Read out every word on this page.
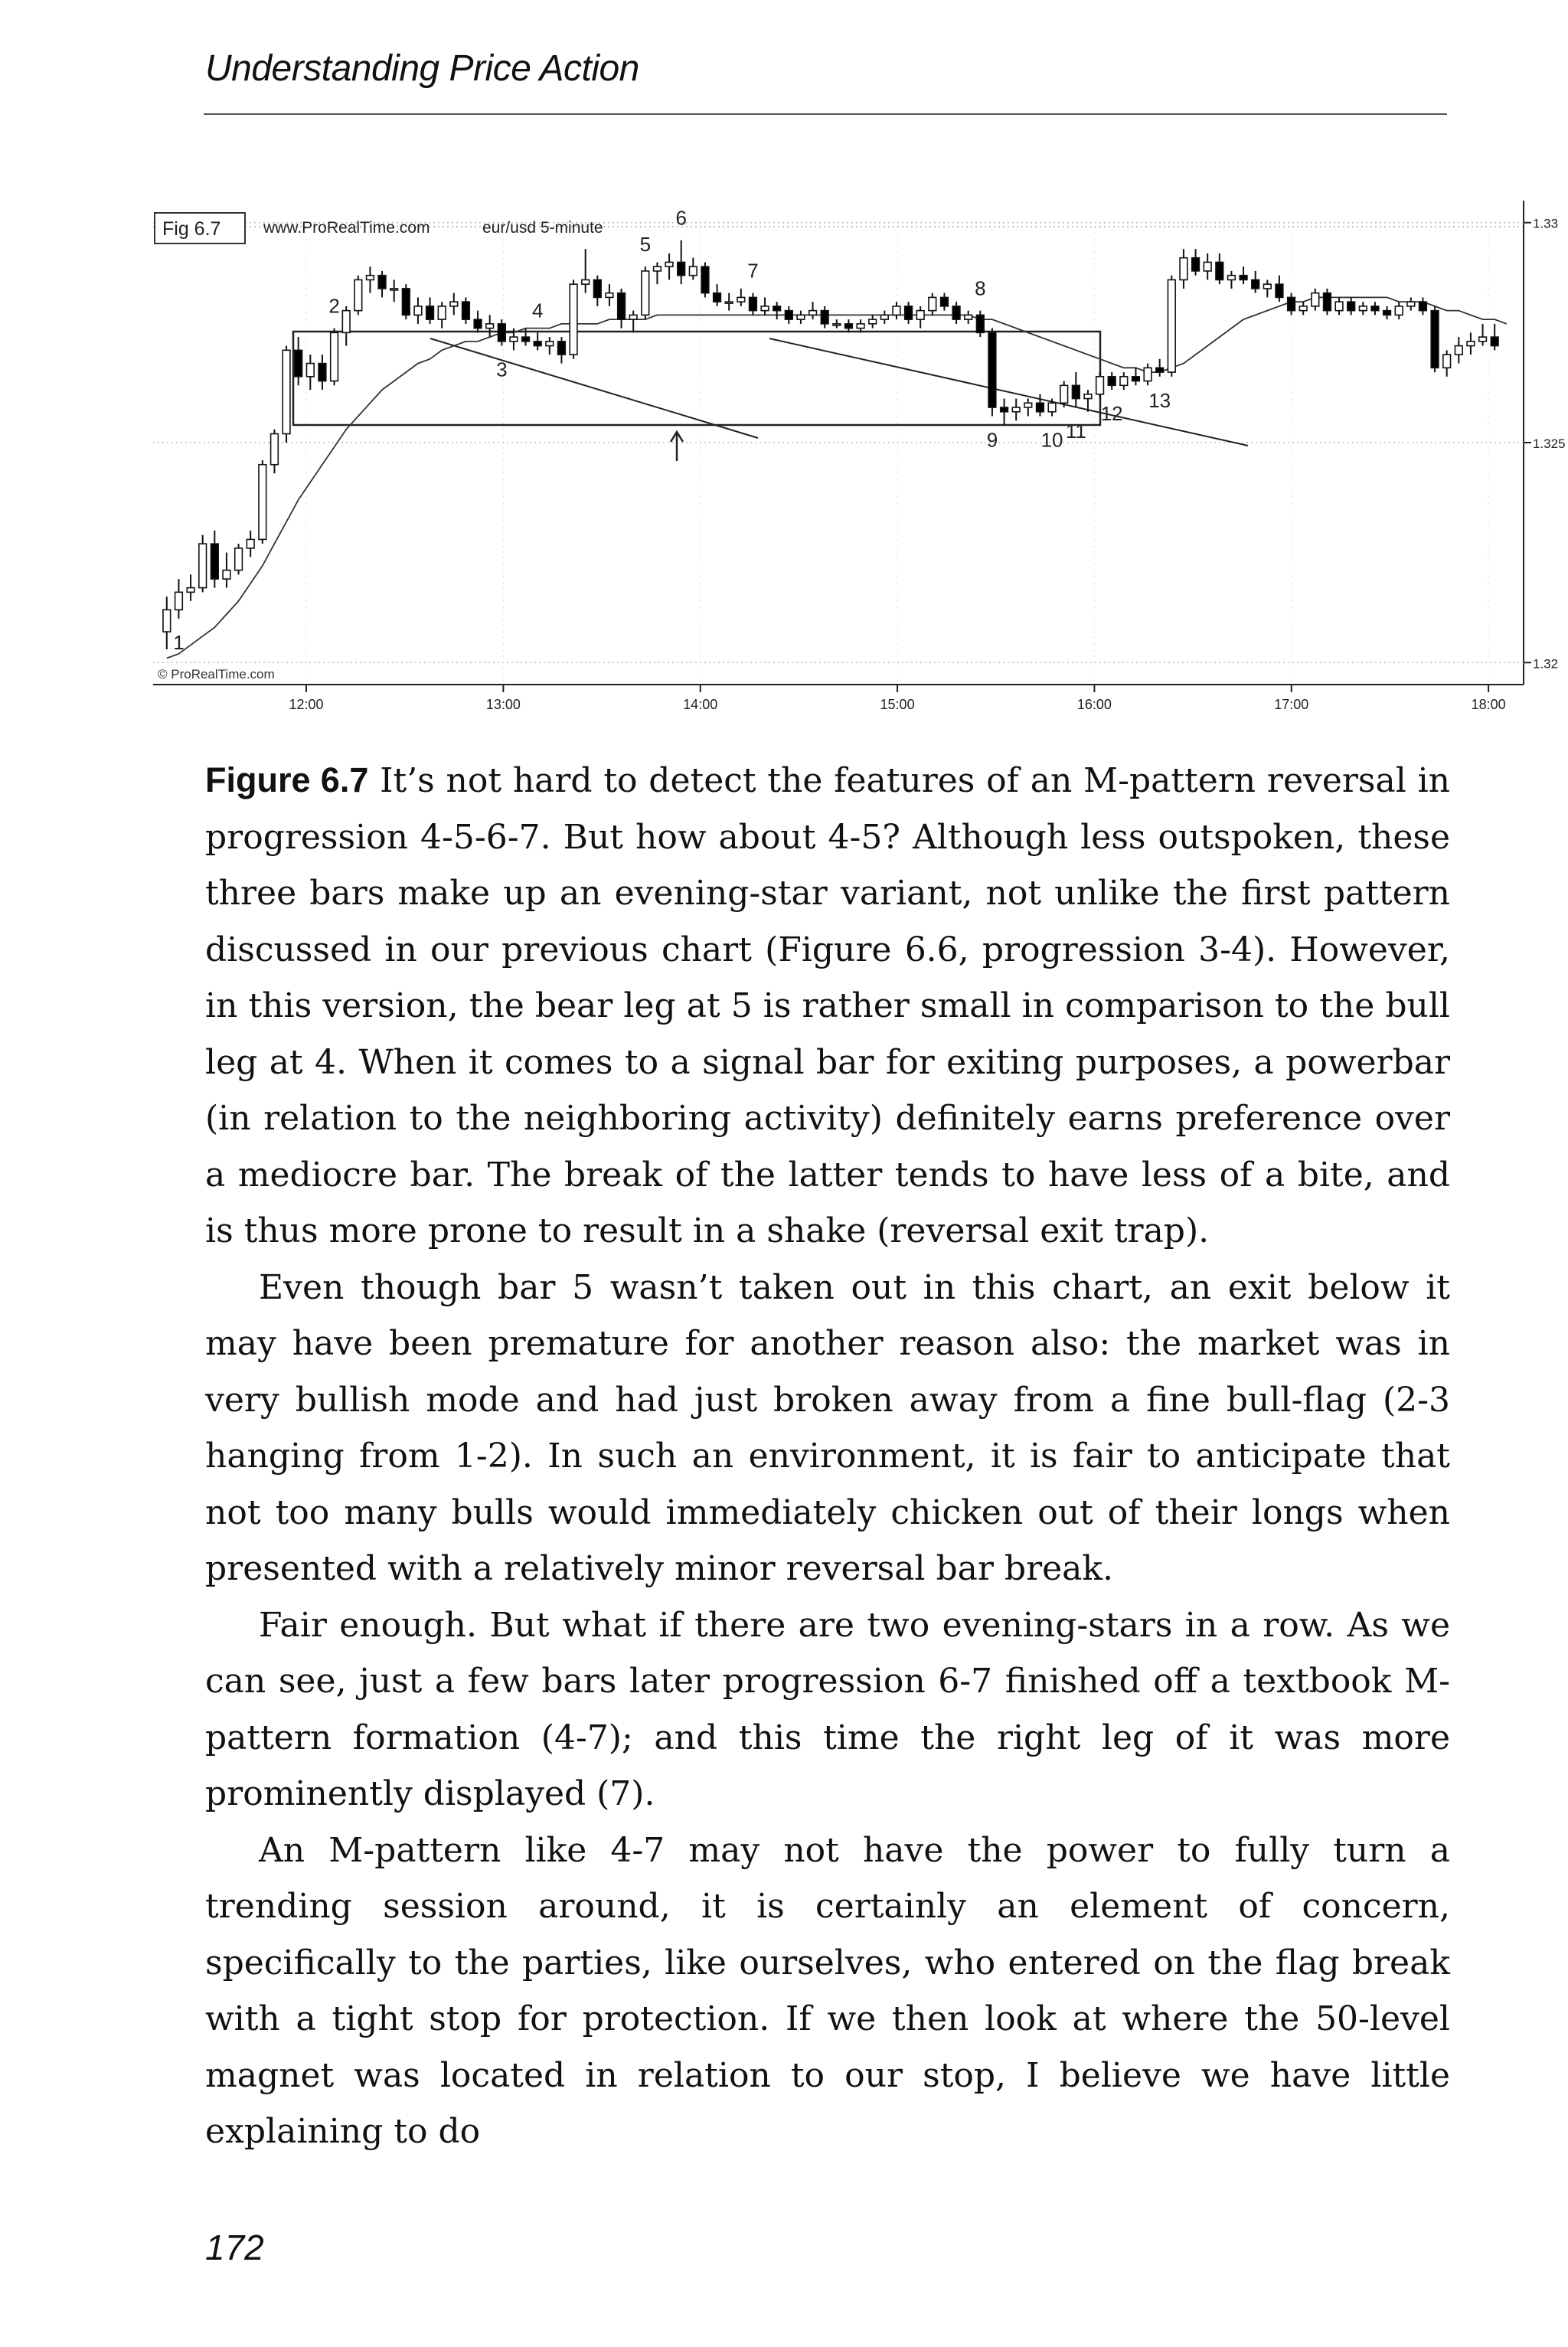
Understanding Price Action
Fig 6.7	www.ProRealTime.com	eur/usd 5-minute
1
2
3
4
5
6
7
8
9 10 11
12
13
12:00	13:00	14:00	15:00	16:00	17:00	18:00
1.33
1.325
1.32
© ProRealTime.com

Figure 6.7 It’s not hard to detect the features of an M-pattern reversal in progression 4-5-6-7. But how about 4-5? Although less outspoken, these three bars make up an evening-star variant, not unlike the first pattern discussed in our previous chart (Figure 6.6, progression 3-4). However, in this version, the bear leg at 5 is rather small in comparison to the bull leg at 4. When it comes to a signal bar for exiting purposes, a powerbar (in relation to the neighboring activity) definitely earns preference over a mediocre bar. The break of the latter tends to have less of a bite, and is thus more prone to result in a shake (reversal exit trap).

Even though bar 5 wasn’t taken out in this chart, an exit below it may have been premature for another reason also: the market was in very bullish mode and had just broken away from a fine bull-flag (2-3 hanging from 1-2). In such an environment, it is fair to anticipate that not too many bulls would immediately chicken out of their longs when presented with a relatively minor reversal bar break.

Fair enough. But what if there are two evening-stars in a row. As we can see, just a few bars later progression 6-7 finished off a textbook M-pattern formation (4-7); and this time the right leg of it was more prominently displayed (7).

An M-pattern like 4-7 may not have the power to fully turn a trending session around, it is certainly an element of concern, specifically to the parties, like ourselves, who entered on the flag break with a tight stop for protection. If we then look at where the 50-level magnet was located in relation to our stop, I believe we have little explaining to do

172
